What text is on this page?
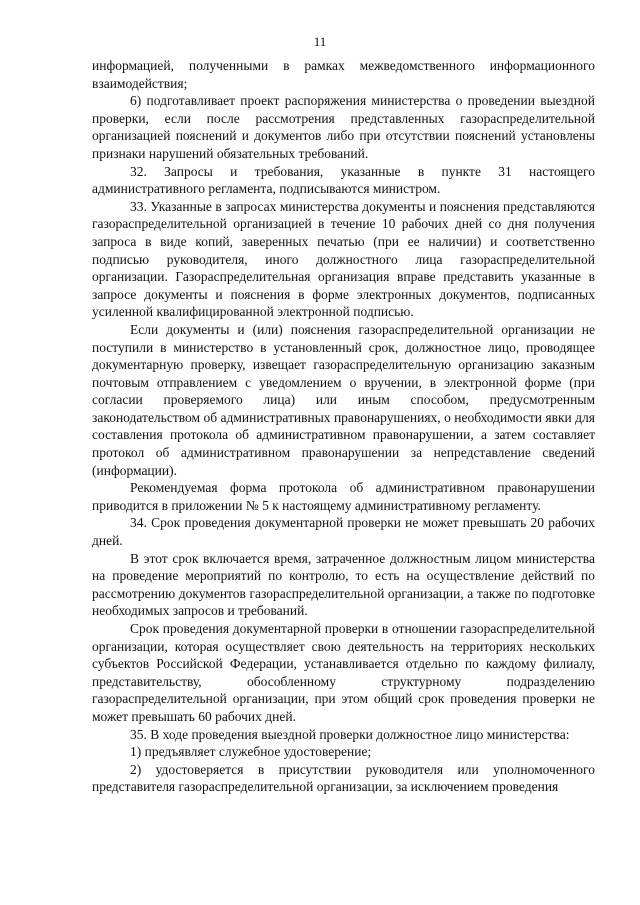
11

информацией, полученными в рамках межведомственного информационного взаимодействия;

6) подготавливает проект распоряжения министерства о проведении выездной проверки, если после рассмотрения представленных газораспределительной организацией пояснений и документов либо при отсутствии пояснений установлены признаки нарушений обязательных требований.

32. Запросы и требования, указанные в пункте 31 настоящего административного регламента, подписываются министром.

33. Указанные в запросах министерства документы и пояснения представляются газораспределительной организацией в течение 10 рабочих дней со дня получения запроса в виде копий, заверенных печатью (при ее наличии) и соответственно подписью руководителя, иного должностного лица газораспределительной организации. Газораспределительная организация вправе представить указанные в запросе документы и пояснения в форме электронных документов, подписанных усиленной квалифицированной электронной подписью.

Если документы и (или) пояснения газораспределительной организации не поступили в министерство в установленный срок, должностное лицо, проводящее документарную проверку, извещает газораспределительную организацию заказным почтовым отправлением с уведомлением о вручении, в электронной форме (при согласии проверяемого лица) или иным способом, предусмотренным законодательством об административных правонарушениях, о необходимости явки для составления протокола об административном правонарушении, а затем составляет протокол об административном правонарушении за непредставление сведений (информации).

Рекомендуемая форма протокола об административном правонарушении приводится в приложении № 5 к настоящему административному регламенту.

34. Срок проведения документарной проверки не может превышать 20 рабочих дней.

В этот срок включается время, затраченное должностным лицом министерства на проведение мероприятий по контролю, то есть на осуществление действий по рассмотрению документов газораспределительной организации, а также по подготовке необходимых запросов и требований.

Срок проведения документарной проверки в отношении газораспределительной организации, которая осуществляет свою деятельность на территориях нескольких субъектов Российской Федерации, устанавливается отдельно по каждому филиалу, представительству, обособленному структурному подразделению газораспределительной организации, при этом общий срок проведения проверки не может превышать 60 рабочих дней.

35. В ходе проведения выездной проверки должностное лицо министерства:

1) предъявляет служебное удостоверение;

2) удостоверяется в присутствии руководителя или уполномоченного представителя газораспределительной организации, за исключением проведения
